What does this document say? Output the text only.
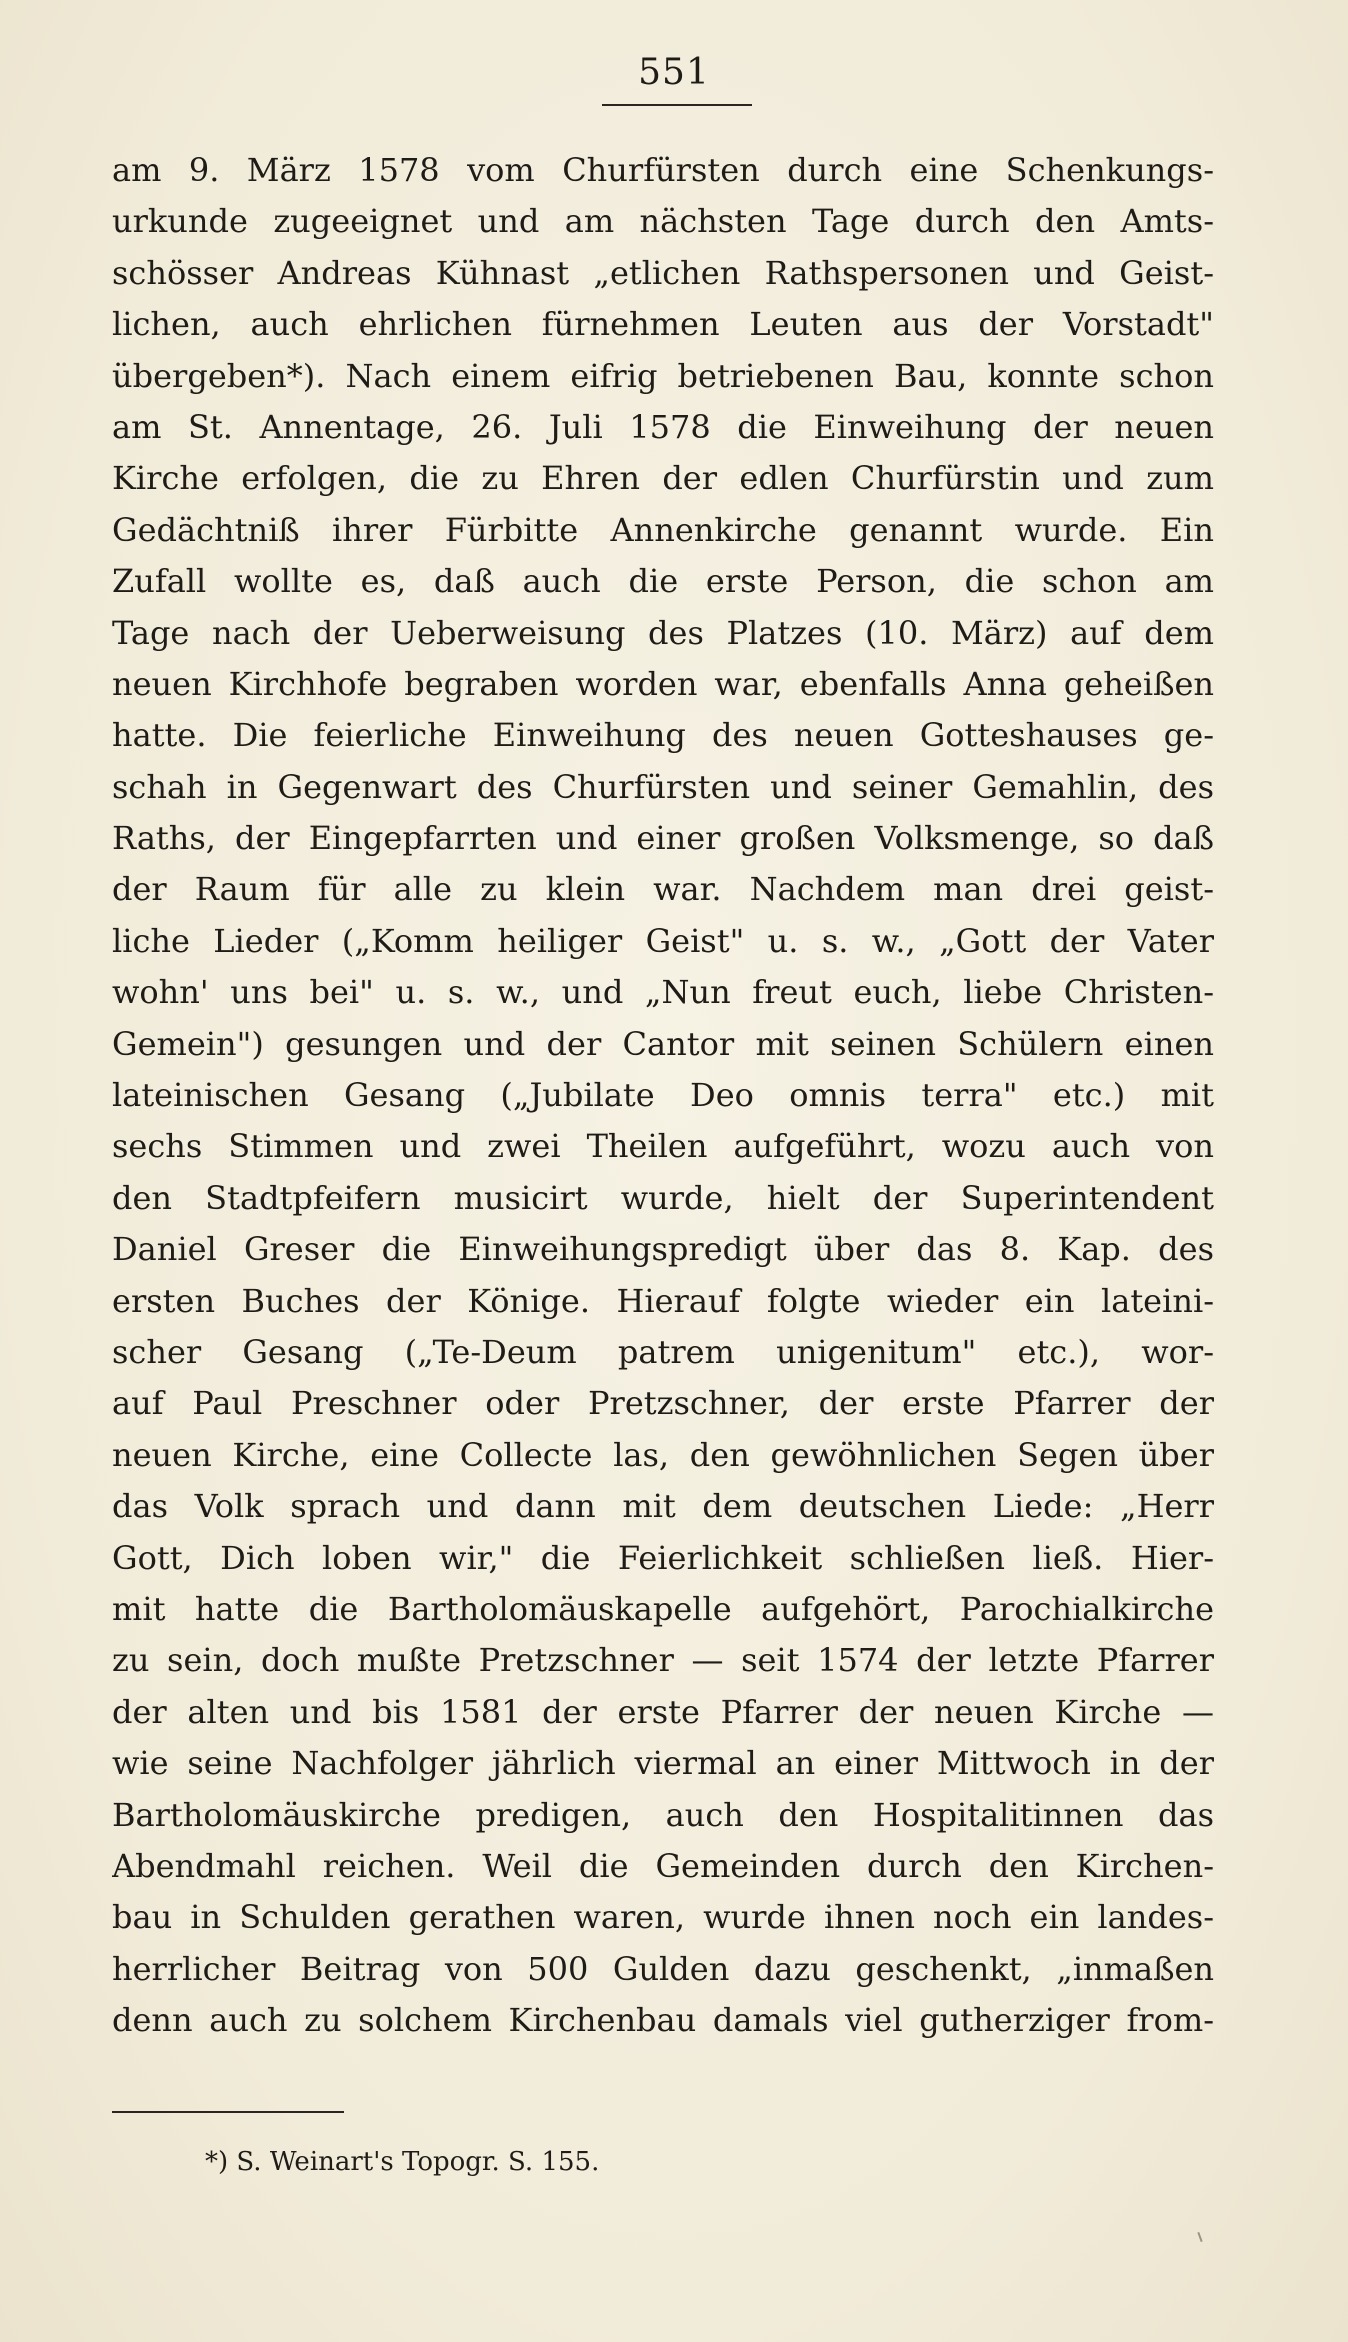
551
am 9. März 1578 vom Churfürsten durch eine Schenkungs-
urkunde zugeeignet und am nächsten Tage durch den Amts-
schösser Andreas Kühnast „etlichen Rathspersonen und Geist-
lichen, auch ehrlichen fürnehmen Leuten aus der Vorstadt"
übergeben*). Nach einem eifrig betriebenen Bau, konnte schon
am St. Annentage, 26. Juli 1578 die Einweihung der neuen
Kirche erfolgen, die zu Ehren der edlen Churfürstin und zum
Gedächtniß ihrer Fürbitte Annenkirche genannt wurde. Ein
Zufall wollte es, daß auch die erste Person, die schon am
Tage nach der Ueberweisung des Platzes (10. März) auf dem
neuen Kirchhofe begraben worden war, ebenfalls Anna geheißen
hatte. Die feierliche Einweihung des neuen Gotteshauses ge-
schah in Gegenwart des Churfürsten und seiner Gemahlin, des
Raths, der Eingepfarrten und einer großen Volksmenge, so daß
der Raum für alle zu klein war. Nachdem man drei geist-
liche Lieder („Komm heiliger Geist" u. s. w., „Gott der Vater
wohn' uns bei" u. s. w., und „Nun freut euch, liebe Christen-
Gemein") gesungen und der Cantor mit seinen Schülern einen
lateinischen Gesang („Jubilate Deo omnis terra" etc.) mit
sechs Stimmen und zwei Theilen aufgeführt, wozu auch von
den Stadtpfeifern musicirt wurde, hielt der Superintendent
Daniel Greser die Einweihungspredigt über das 8. Kap. des
ersten Buches der Könige. Hierauf folgte wieder ein lateini-
scher Gesang („Te-Deum patrem unigenitum" etc.), wor-
auf Paul Preschner oder Pretzschner, der erste Pfarrer der
neuen Kirche, eine Collecte las, den gewöhnlichen Segen über
das Volk sprach und dann mit dem deutschen Liede: „Herr
Gott, Dich loben wir," die Feierlichkeit schließen ließ. Hier-
mit hatte die Bartholomäuskapelle aufgehört, Parochialkirche
zu sein, doch mußte Pretzschner — seit 1574 der letzte Pfarrer
der alten und bis 1581 der erste Pfarrer der neuen Kirche —
wie seine Nachfolger jährlich viermal an einer Mittwoch in der
Bartholomäuskirche predigen, auch den Hospitalitinnen das
Abendmahl reichen. Weil die Gemeinden durch den Kirchen-
bau in Schulden gerathen waren, wurde ihnen noch ein landes-
herrlicher Beitrag von 500 Gulden dazu geschenkt, „inmaßen
denn auch zu solchem Kirchenbau damals viel gutherziger from-
*) S. Weinart's Topogr. S. 155.
